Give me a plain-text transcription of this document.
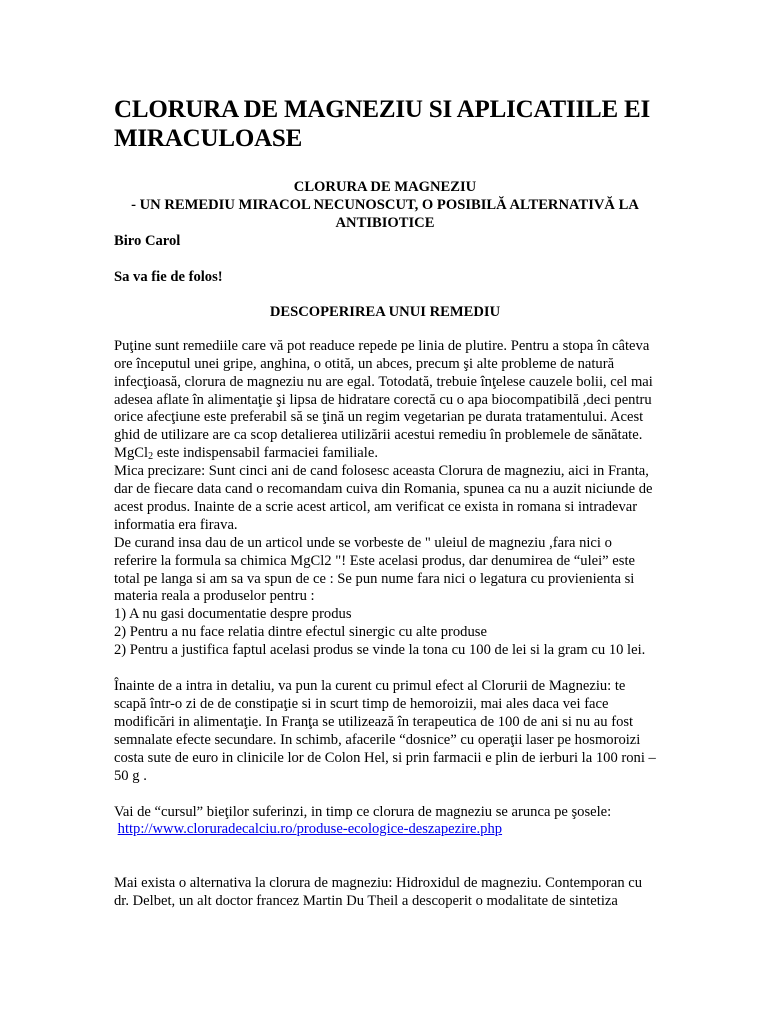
CLORURA DE MAGNEZIU SI APLICATIILE EI MIRACULOASE
CLORURA DE MAGNEZIU
- UN REMEDIU MIRACOL NECUNOSCUT, O POSIBILĂ ALTERNATIVĂ LA ANTIBIOTICE
Biro Carol
Sa va fie de folos!
DESCOPERIREA UNUI REMEDIU

Puţine sunt remediile care vă pot readuce repede pe linia de plutire. Pentru a stopa în câteva ore începutul unei gripe, anghina, o otită, un abces, precum şi alte probleme de natură infecţioasă, clorura de magneziu nu are egal. Totodată, trebuie înţelese cauzele bolii, cel mai adesea aflate în alimentaţie şi lipsa de hidratare corectă cu o apa biocompatibilă ,deci pentru orice afecţiune este preferabil să se ţină un regim vegetarian pe durata tratamentului. Acest ghid de utilizare are ca scop detalierea utilizării acestui remediu în problemele de sănătate. MgCl$_2$ este indispensabil farmaciei familiale.

Mica precizare: Sunt cinci ani de cand folosesc aceasta Clorura de magneziu, aici in Franta, dar de fiecare data cand o recomandam cuiva din Romania, spunea ca nu a auzit niciunde de acest produs. Inainte de a scrie acest articol, am verificat ce exista in romana si intradevar informatia era firava.

De curand insa dau de un articol unde se vorbeste de " uleiul de magneziu ,fara nici o referire la formula sa chimica MgCl2 "! Este acelasi produs, dar denumirea de “ulei” este total pe langa si am sa va spun de ce : Se pun nume fara nici o legatura cu provienienta si materia reala a produselor pentru :

1) A nu gasi documentatie despre produs

2) Pentru a nu face relatia dintre efectul sinergic cu alte produse

2) Pentru a justifica faptul acelasi produs se vinde la tona cu 100 de lei si la gram cu 10 lei.

Înainte de a intra in detaliu, va pun la curent cu primul efect al Clorurii de Magneziu: te scapă într-o zi de de constipaţie si in scurt timp de hemoroizii, mai ales daca vei face modificări in alimentaţie. In Franţa se utilizează în terapeutica de 100 de ani si nu au fost semnalate efecte secundare. In schimb, afacerile “dosnice” cu operaţii laser pe hosmoroizi costa sute de euro in clinicile lor de Colon Hel, si prin farmacii e plin de ierburi la 100 roni – 50 g .

Vai de “cursul” bieţilor suferinzi, in timp ce clorura de magneziu se arunca pe şosele:

http://www.cloruradecalciu.ro/produse-ecologice-deszapezire.php

Mai exista o alternativa la clorura de magneziu: Hidroxidul de magneziu. Contemporan cu dr. Delbet, un alt doctor francez Martin Du Theil a descoperit o modalitate de sintetiza
